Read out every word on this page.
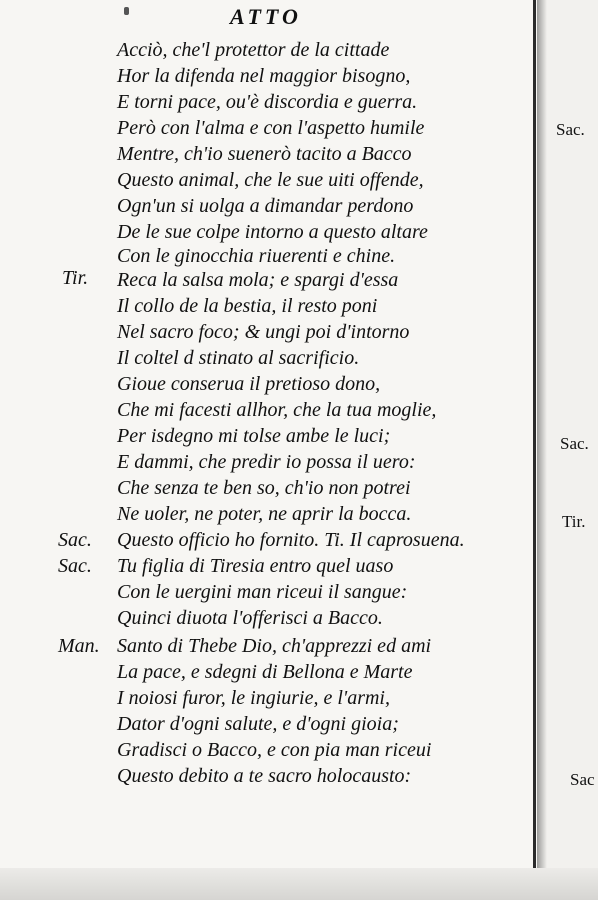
ATTO
Tir.
Sac.
Sac.
Man.
Acciò, che'l protettor de la cittade
Hor la difenda nel maggior bisogno,
E torni pace, ou'è discordia e guerra.
Però con l'alma e con l'aspetto humile
Mentre, ch'io suenerò tacito a Bacco
Questo animal, che le sue uiti offende,
Ogn'un si uolga a dimandar perdono
De le sue colpe intorno a questo altare
Con le ginocchia riuerenti e chine.
Reca la salsa mola; e spargi d'essa
Il collo de la bestia, il resto poni
Nel sacro foco; & ungi poi d'intorno
Il coltel d stinato al sacrificio.
Gioue conserua il pretioso dono,
Che mi facesti allhor, che la tua moglie,
Per isdegno mi tolse ambe le luci;
E dammi, che predir io possa il uero:
Che senza te ben so, ch'io non potrei
Ne uoler, ne poter, ne aprir la bocca.
Questo officio ho fornito. Ti. Il caprosuena.
Tu figlia di Tiresia entro quel uaso
Con le uergini man riceui il sangue:
Quinci diuota l'offerisci a Bacco.
Santo di Thebe Dio, ch'apprezzi ed ami
La pace, e sdegni di Bellona e Marte
I noiosi furor, le ingiurie, e l'armi,
Dator d'ogni salute, e d'ogni gioia;
Gradisci o Bacco, e con pia man riceui
Questo debito a te sacro holocausto:
Sac.
Sac.
Tir.
Sac
